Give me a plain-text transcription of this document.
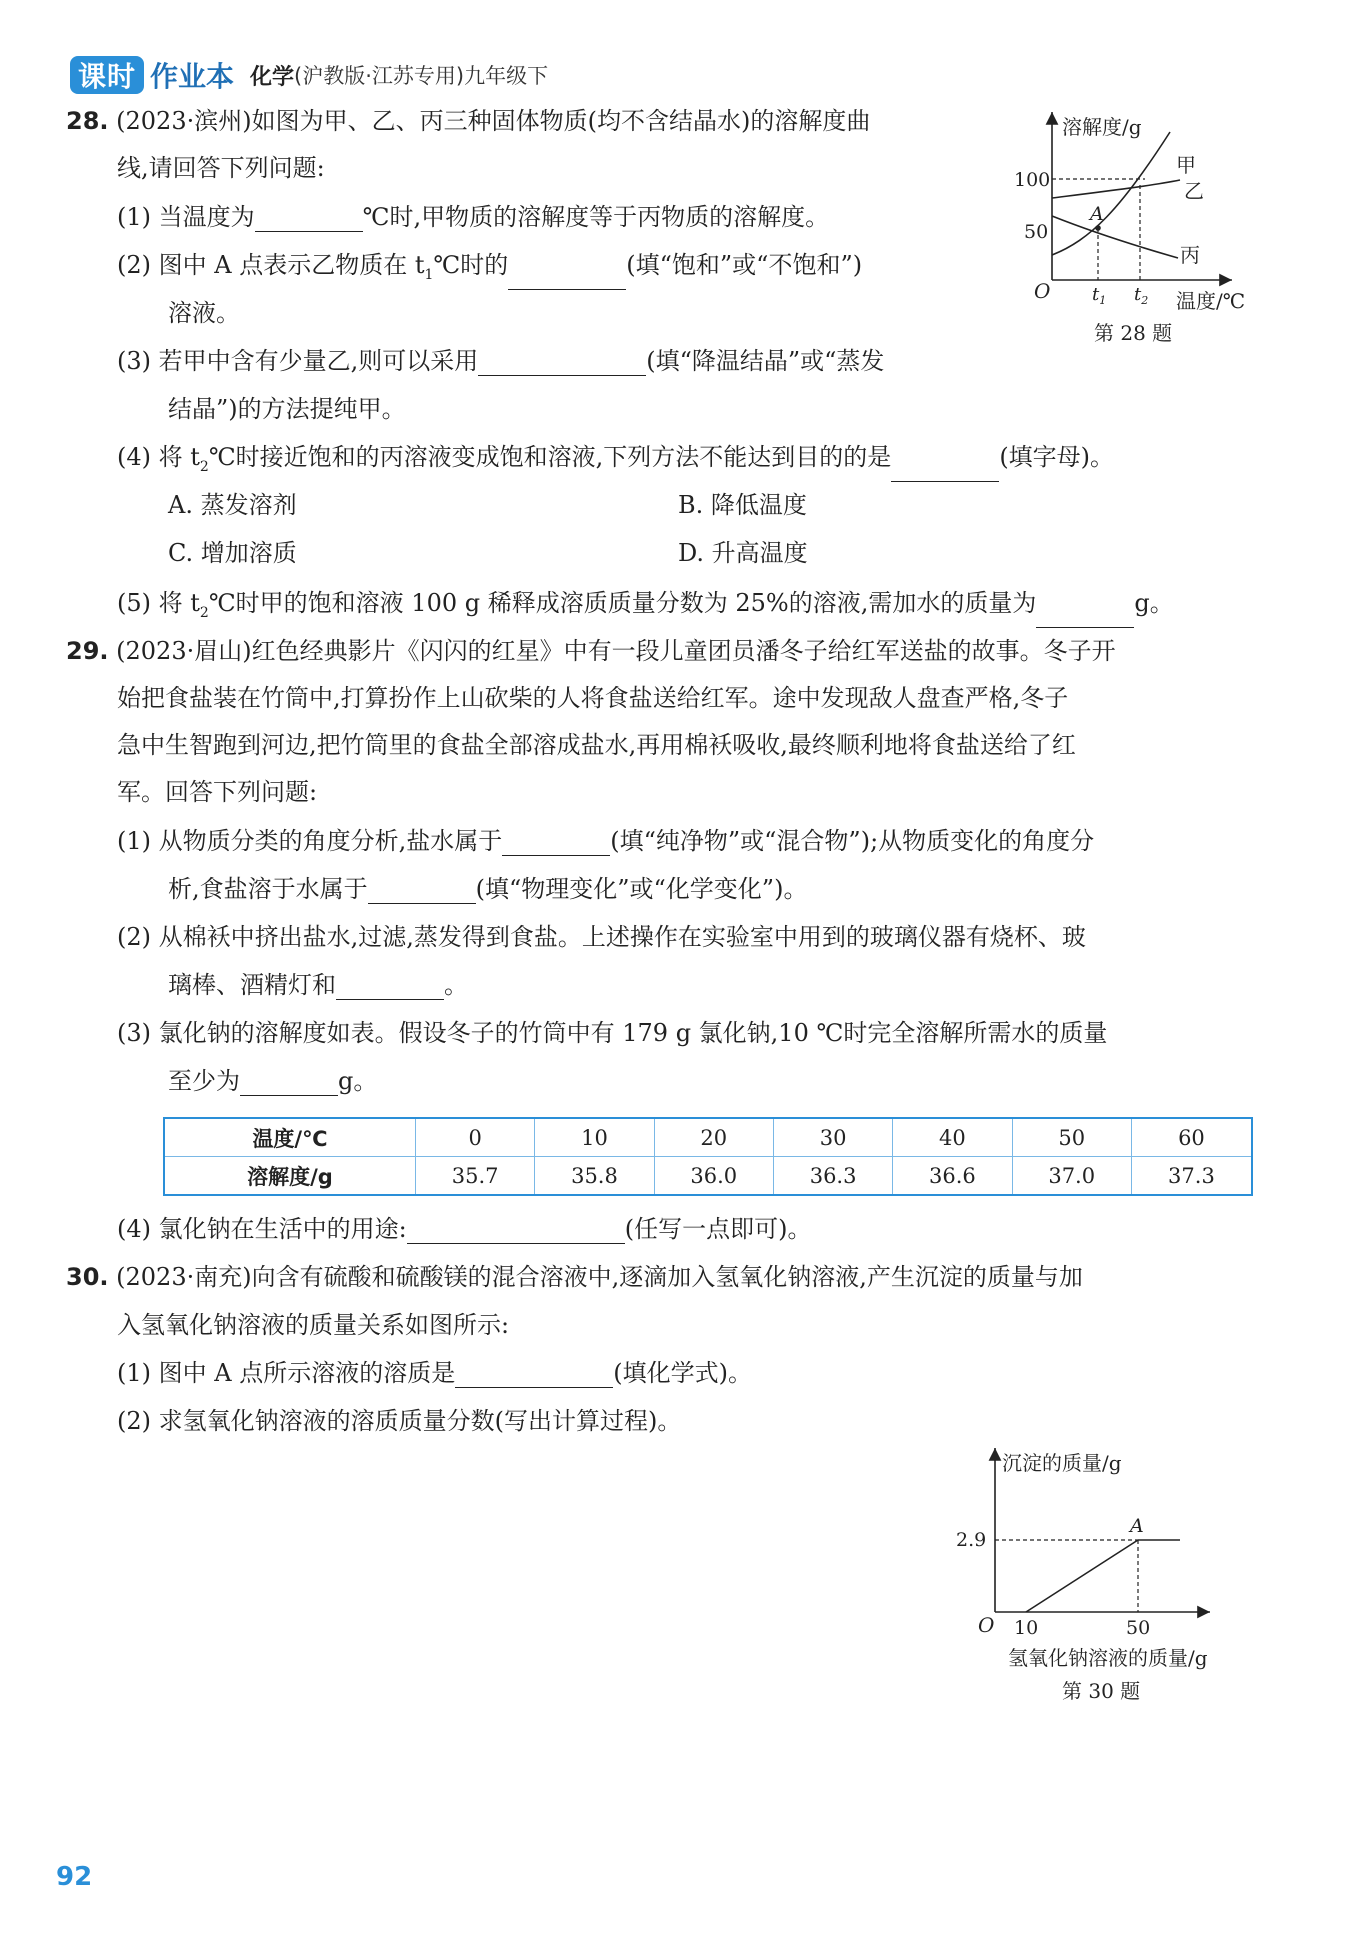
课时 作业本 化学 (沪教版·江苏专用)九年级下
28. (2023·滨州)如图为甲、乙、丙三种固体物质(均不含结晶水)的溶解度曲
线,请回答下列问题:
(1) 当温度为	℃时,甲物质的溶解度等于丙物质的溶解度。
(2) 图中 A 点表示乙物质在 $t_1℃$时的	(填“饱和”或“不饱和”)
溶液。
(3) 若甲中含有少量乙,则可以采用	(填“降温结晶”或“蒸发
结晶”)的方法提纯甲。
(4) 将 $t_2℃$时接近饱和的丙溶液变成饱和溶液,下列方法不能达到目的的是	(填字母)。
A. 蒸发溶剂	B. 降低温度
C. 增加溶质	D. 升高温度
(5) 将 $t_2℃$时甲的饱和溶液 100 g 稀释成溶质质量分数为 25%的溶液,需加水的质量为	g。
溶解度/g
温度/℃
O
100
50
A
甲
乙
丙
$t_1$ $t_2$
第 28 题
29. (2023·眉山)红色经典影片《闪闪的红星》中有一段儿童团员潘冬子给红军送盐的故事。冬子开
始把食盐装在竹筒中,打算扮作上山砍柴的人将食盐送给红军。途中发现敌人盘查严格,冬子
急中生智跑到河边,把竹筒里的食盐全部溶成盐水,再用棉袄吸收,最终顺利地将食盐送给了红
军。回答下列问题:
(1) 从物质分类的角度分析,盐水属于	(填“纯净物”或“混合物”);从物质变化的角度分
析,食盐溶于水属于	(填“物理变化”或“化学变化”)。
(2) 从棉袄中挤出盐水,过滤,蒸发得到食盐。上述操作在实验室中用到的玻璃仪器有烧杯、玻
璃棒、酒精灯和	。
(3) 氯化钠的溶解度如表。假设冬子的竹筒中有 179 g 氯化钠,10 ℃时完全溶解所需水的质量
至少为	g。
温度/℃	0	10	20	30	40	50	60
溶解度/g	35.7	35.8	36.0	36.3	36.6	37.0	37.3
(4) 氯化钠在生活中的用途:	(任写一点即可)。
30. (2023·南充)向含有硫酸和硫酸镁的混合溶液中,逐滴加入氢氧化钠溶液,产生沉淀的质量与加
入氢氧化钠溶液的质量关系如图所示:
(1) 图中 A 点所示溶液的溶质是	(填化学式)。
(2) 求氢氧化钠溶液的溶质质量分数(写出计算过程)。
沉淀的质量/g
O
2.9
A
10	50
氢氧化钠溶液的质量/g
第 30 题
92
